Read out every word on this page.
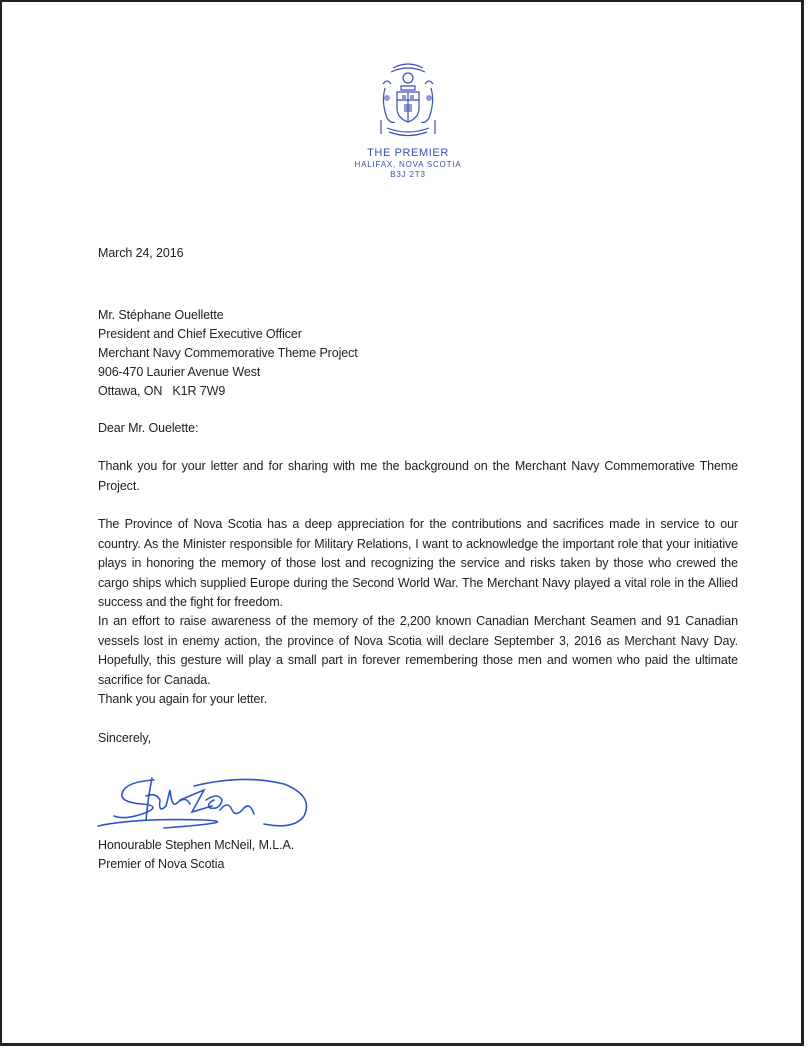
THE PREMIER
HALIFAX, NOVA SCOTIA
B3J 2T3
March 24, 2016
Mr. Stéphane Ouellette
President and Chief Executive Officer
Merchant Navy Commemorative Theme Project
906-470 Laurier Avenue West
Ottawa, ON   K1R 7W9
Dear Mr. Ouelette:
Thank you for your letter and for sharing with me the background on the Merchant Navy Commemorative Theme Project.
The Province of Nova Scotia has a deep appreciation for the contributions and sacrifices made in service to our country. As the Minister responsible for Military Relations, I want to acknowledge the important role that your initiative plays in honoring the memory of those lost and recognizing the service and risks taken by those who crewed the cargo ships which supplied Europe during the Second World War. The Merchant Navy played a vital role in the Allied success and the fight for freedom.
In an effort to raise awareness of the memory of the 2,200 known Canadian Merchant Seamen and 91 Canadian vessels lost in enemy action, the province of Nova Scotia will declare September 3, 2016 as Merchant Navy Day. Hopefully, this gesture will play a small part in forever remembering those men and women who paid the ultimate sacrifice for Canada.
Thank you again for your letter.
Sincerely,
Honourable Stephen McNeil, M.L.A.
Premier of Nova Scotia
